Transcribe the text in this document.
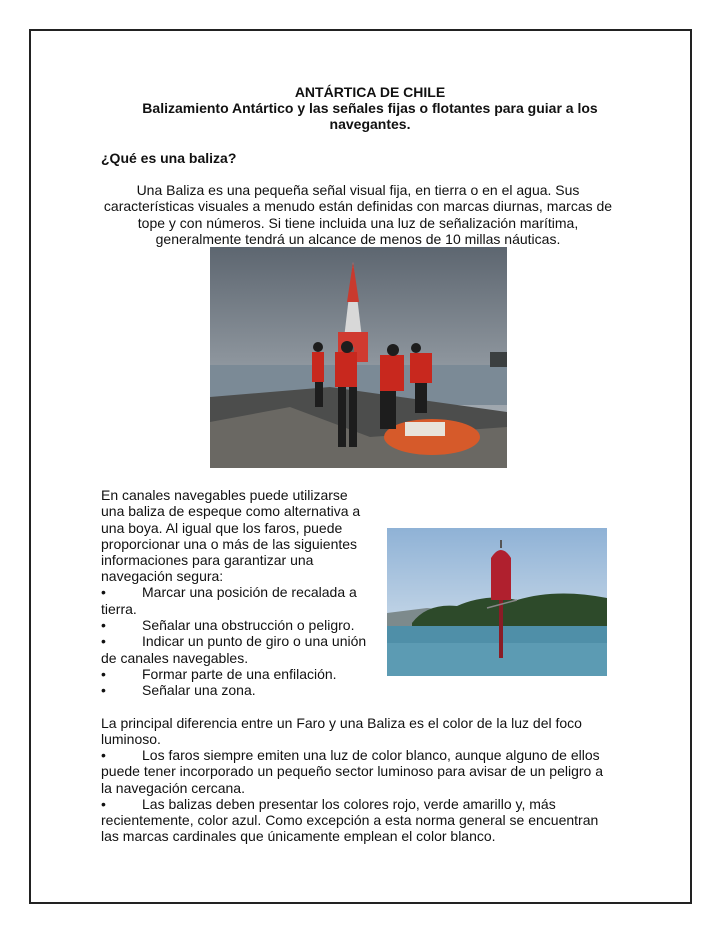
ANTÁRTICA DE CHILE
Balizamiento Antártico y las señales fijas o flotantes para guiar a los
navegantes.
¿Qué es una baliza?
Una Baliza es una pequeña señal visual fija, en tierra o en el agua. Sus
características visuales a menudo están definidas con marcas diurnas, marcas de
tope y con números. Si tiene incluida una luz de señalización marítima,
generalmente tendrá un alcance de menos de 10 millas náuticas.
En canales navegables puede utilizarse
una baliza de espeque como alternativa a
una boya. Al igual que los faros, puede
proporcionar una o más de las siguientes
informaciones para garantizar una
navegación segura:
•	Marcar una posición de recalada a
tierra.
•	Señalar una obstrucción o peligro.
•	Indicar un punto de giro o una unión
de canales navegables.
•	Formar parte de una enfilación.
•	Señalar una zona.
La principal diferencia entre un Faro y una Baliza es el color de la luz del foco
luminoso.
•	Los faros siempre emiten una luz de color blanco, aunque alguno de ellos
puede tener incorporado un pequeño sector luminoso para avisar de un peligro a
la navegación cercana.
•	Las balizas deben presentar los colores rojo, verde amarillo y, más
recientemente, color azul. Como excepción a esta norma general se encuentran
las marcas cardinales que únicamente emplean el color blanco.
